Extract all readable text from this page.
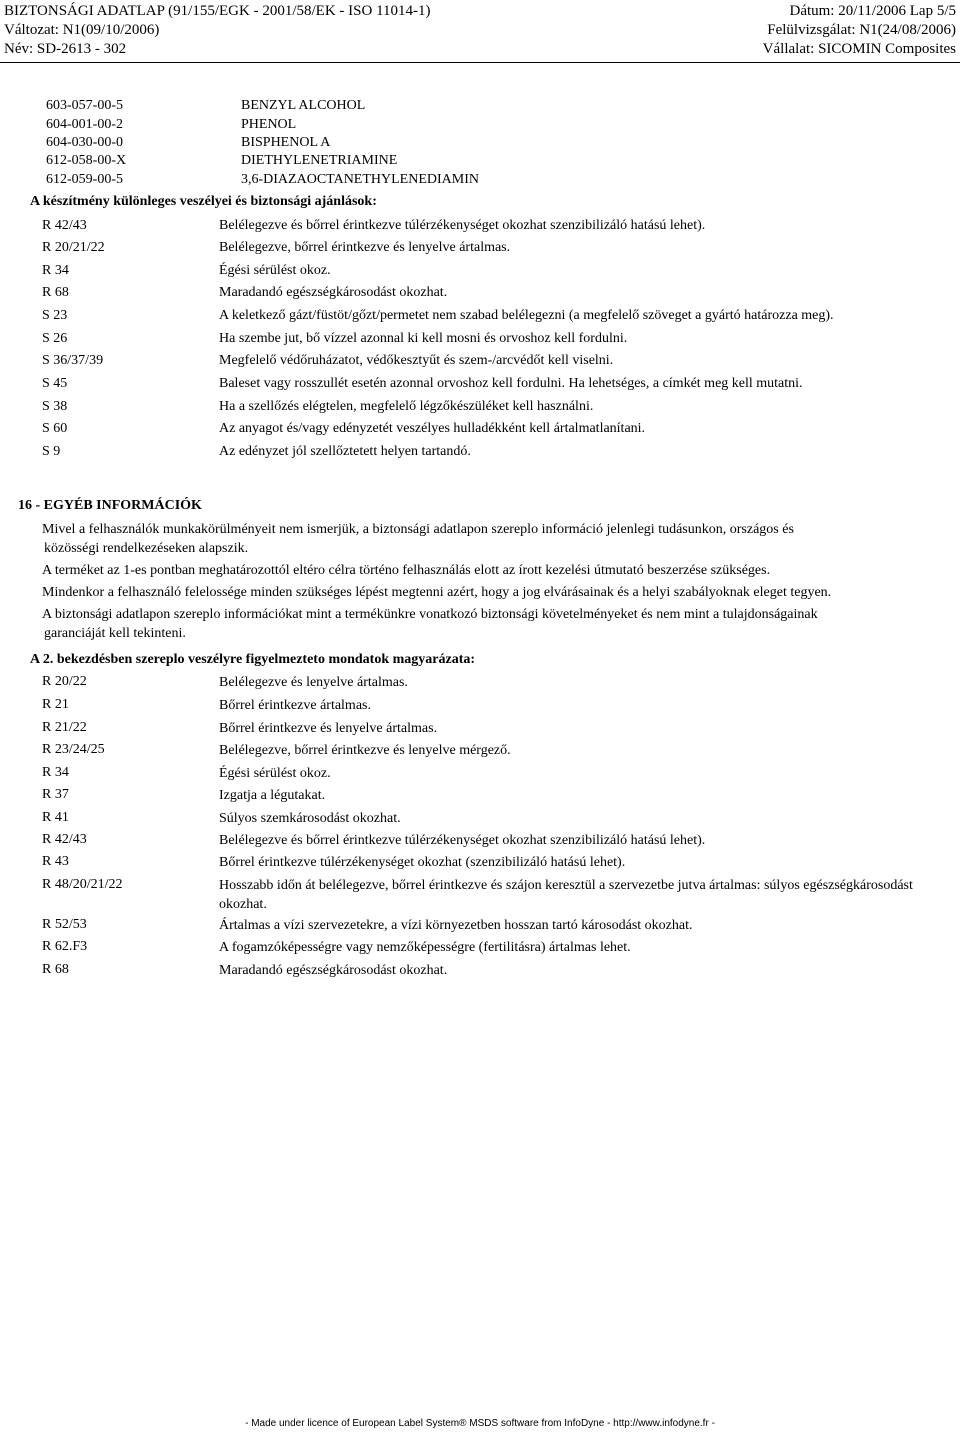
BIZTONSÁGI ADATLAP (91/155/EGK - 2001/58/EK - ISO 11014-1)
Változat: N1(09/10/2006)
Név: SD-2613 - 302
Dátum: 20/11/2006 Lap 5/5
Felülvizsgálat: N1(24/08/2006)
Vállalat: SICOMIN Composites
603-057-00-5	BENZYL ALCOHOL
604-001-00-2	PHENOL
604-030-00-0	BISPHENOL A
612-058-00-X	DIETHYLENETRIAMINE
612-059-00-5	3,6-DIAZAOCTANETHYLENEDIAMIN
A készítmény különleges veszélyei és biztonsági ajánlások:
R 42/43	Belélegezve és bőrrel érintkezve túlérzékenységet okozhat szenzibilizáló hatású lehet).
R 20/21/22	Belélegezve, bőrrel érintkezve és lenyelve ártalmas.
R 34	Égési sérülést okoz.
R 68	Maradandó egészségkárosodást okozhat.
S 23	A keletkező gázt/füstöt/gőzt/permetet nem szabad belélegezni (a megfelelő szöveget a gyártó határozza meg).
S 26	Ha szembe jut, bő vízzel azonnal ki kell mosni és orvoshoz kell fordulni.
S 36/37/39	Megfelelő védőruházatot, védőkesztyűt és szem-/arcvédőt kell viselni.
S 45	Baleset vagy rosszullét esetén azonnal orvoshoz kell fordulni. Ha lehetséges, a címkét meg kell mutatni.
S 38	Ha a szellőzés elégtelen, megfelelő légzőkészüléket kell használni.
S 60	Az anyagot és/vagy edényzetét veszélyes hulladékként kell ártalmatlanítani.
S 9	Az edényzet jól szellőztetett helyen tartandó.
16 - EGYÉB INFORMÁCIÓK
Mivel a felhasználók munkakörülményeit nem ismerjük, a biztonsági adatlapon szereplo információ jelenlegi tudásunkon, országos és
közösségi rendelkezéseken alapszik.
A terméket az 1-es pontban meghatározottól eltéro célra történo felhasználás elott az írott kezelési útmutató beszerzése szükséges.
Mindenkor a felhasználó felelossége minden szükséges lépést megtenni azért, hogy a jog elvárásainak és a helyi szabályoknak eleget tegyen.
A biztonsági adatlapon szereplo információkat mint a termékünkre vonatkozó biztonsági követelményeket és nem mint a tulajdonságainak
garanciáját kell tekinteni.
A 2. bekezdésben szereplo veszélyre figyelmezteto mondatok magyarázata:
R 20/22	Belélegezve és lenyelve ártalmas.
R 21	Bőrrel érintkezve ártalmas.
R 21/22	Bőrrel érintkezve és lenyelve ártalmas.
R 23/24/25	Belélegezve, bőrrel érintkezve és lenyelve mérgező.
R 34	Égési sérülést okoz.
R 37	Izgatja a légutakat.
R 41	Súlyos szemkárosodást okozhat.
R 42/43	Belélegezve és bőrrel érintkezve túlérzékenységet okozhat szenzibilizáló hatású lehet).
R 43	Bőrrel érintkezve túlérzékenységet okozhat (szenzibilizáló hatású lehet).
R 48/20/21/22	Hosszabb időn át belélegezve, bőrrel érintkezve és szájon keresztül a szervezetbe jutva ártalmas: súlyos egészségkárosodást okozhat.
R 52/53	Ártalmas a vízi szervezetekre, a vízi környezetben hosszan tartó károsodást okozhat.
R 62.F3	A fogamzóképességre vagy nemzőképességre (fertilitásra) ártalmas lehet.
R 68	Maradandó egészségkárosodást okozhat.
- Made under licence of European Label System® MSDS software from InfoDyne - http://www.infodyne.fr -
